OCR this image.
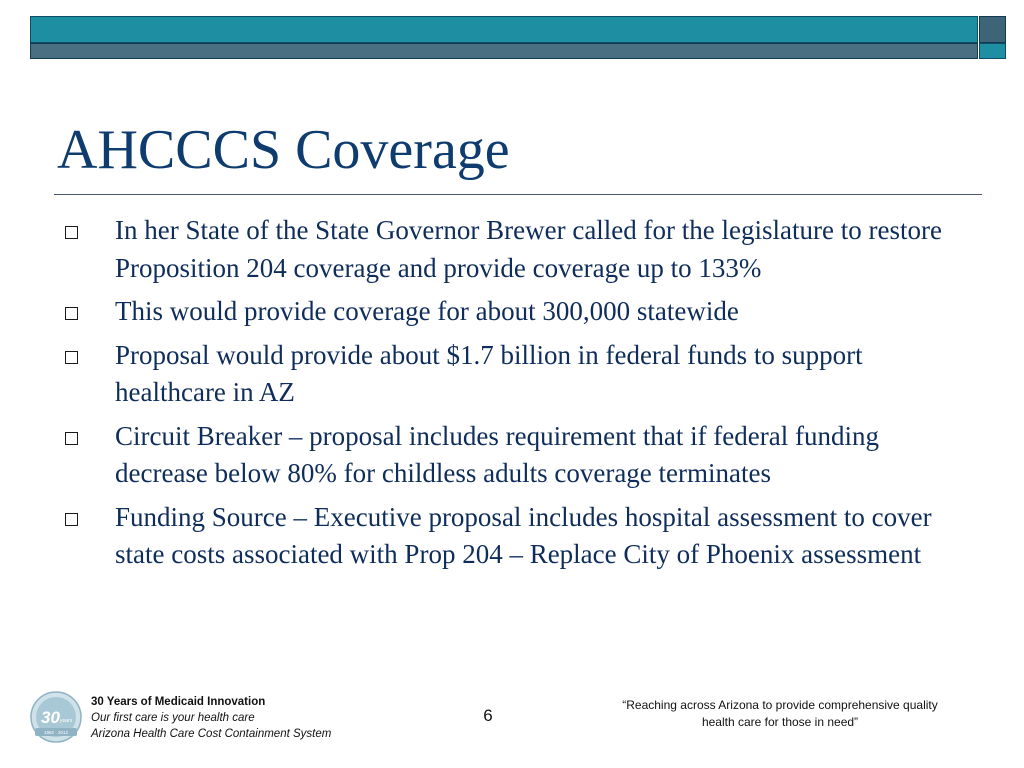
AHCCCS Coverage
In her State of the State Governor Brewer called for the legislature to restore Proposition 204 coverage and provide coverage up to 133%
This would provide coverage for about 300,000 statewide
Proposal would provide about $1.7 billion in federal funds to support healthcare in AZ
Circuit Breaker – proposal includes requirement that if federal funding decrease below 80% for childless adults coverage terminates
Funding Source – Executive proposal includes hospital assessment to cover state costs associated with Prop 204 – Replace City of Phoenix assessment
30 years
1982 · 2012
30 Years of Medicaid Innovation
Our first care is your health care
Arizona Health Care Cost Containment System
6
“Reaching across Arizona to provide comprehensive quality
health care for those in need”
